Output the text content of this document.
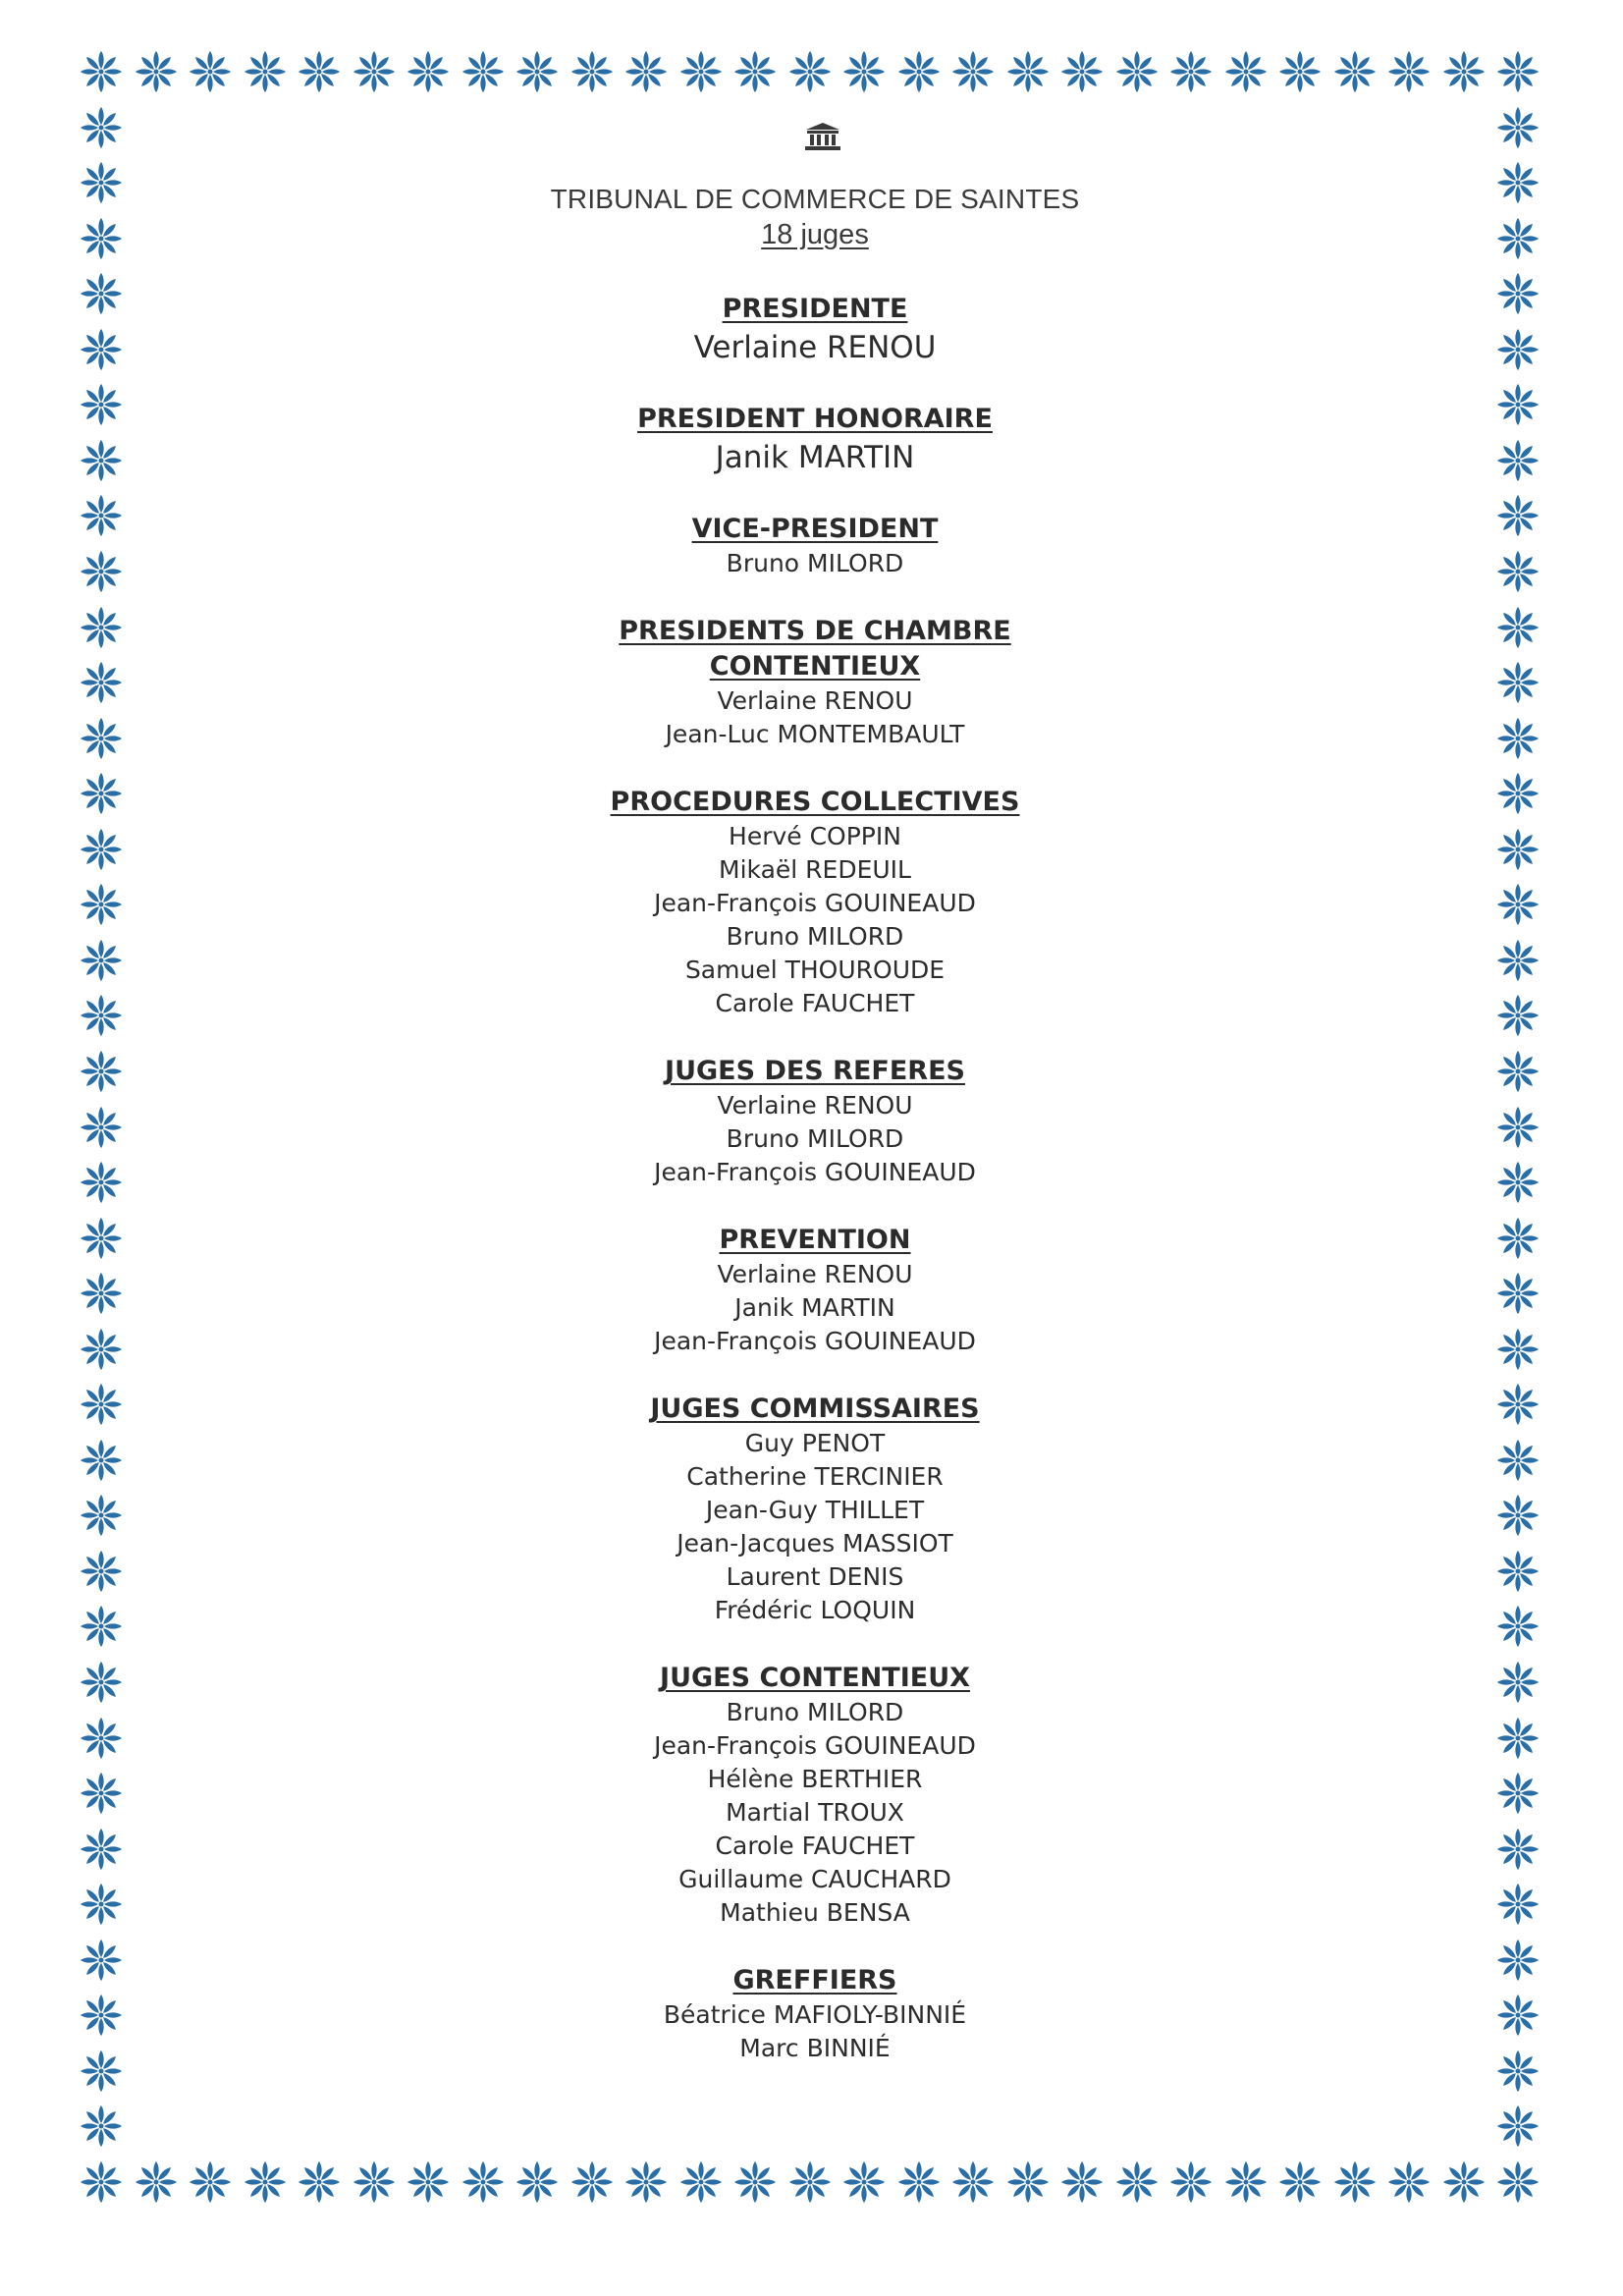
TRIBUNAL DE COMMERCE DE SAINTES
18 juges
PRESIDENTE
Verlaine RENOU
PRESIDENT HONORAIRE
Janik MARTIN
VICE-PRESIDENT
Bruno MILORD
PRESIDENTS DE CHAMBRE
CONTENTIEUX
Verlaine RENOU
Jean-Luc MONTEMBAULT
PROCEDURES COLLECTIVES
Hervé COPPIN
Mikaël REDEUIL
Jean-François GOUINEAUD
Bruno MILORD
Samuel THOUROUDE
Carole FAUCHET
JUGES DES REFERES
Verlaine RENOU
Bruno MILORD
Jean-François GOUINEAUD
PREVENTION
Verlaine RENOU
Janik MARTIN
Jean-François GOUINEAUD
JUGES COMMISSAIRES
Guy PENOT
Catherine TERCINIER
Jean-Guy THILLET
Jean-Jacques MASSIOT
Laurent DENIS
Frédéric LOQUIN
JUGES CONTENTIEUX
Bruno MILORD
Jean-François GOUINEAUD
Hélène BERTHIER
Martial TROUX
Carole FAUCHET
Guillaume CAUCHARD
Mathieu BENSA
GREFFIERS
Béatrice MAFIOLY-BINNIÉ
Marc BINNIÉ
